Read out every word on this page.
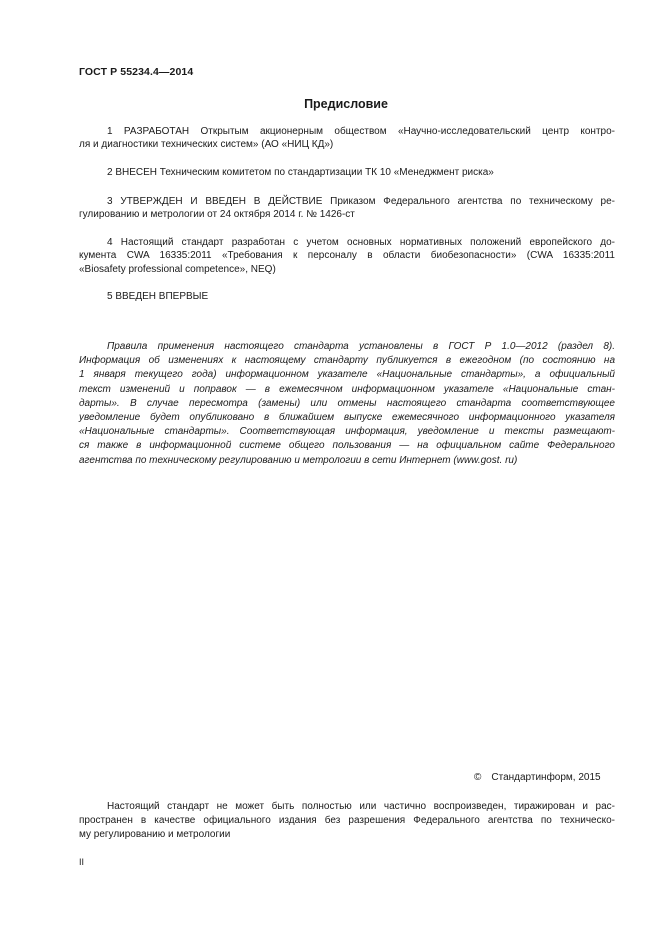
ГОСТ Р 55234.4—2014
Предисловие
1 РАЗРАБОТАН Открытым акционерным обществом «Научно-исследовательский центр контро-
ля и диагностики технических систем» (АО «НИЦ КД»)
2 ВНЕСЕН Техническим комитетом по стандартизации ТК 10 «Менеджмент риска»
3 УТВЕРЖДЕН И ВВЕДЕН В ДЕЙСТВИЕ Приказом Федерального агентства по техническому ре-
гулированию и метрологии от 24 октября 2014 г. № 1426-ст
4 Настоящий стандарт разработан с учетом основных нормативных положений европейского до-
кумента CWA 16335:2011 «Требования к персоналу в области биобезопасности» (CWA 16335:2011
«Biosafety professional competence», NEQ)
5 ВВЕДЕН ВПЕРВЫЕ
Правила применения настоящего стандарта установлены в ГОСТ Р 1.0—2012 (раздел 8).
Информация об изменениях к настоящему стандарту публикуется в ежегодном (по состоянию на
1 января текущего года) информационном указателе «Национальные стандарты», а официальный
текст изменений и поправок — в ежемесячном информационном указателе «Национальные стан-
дарты». В случае пересмотра (замены) или отмены настоящего стандарта соответствующее
уведомление будет опубликовано в ближайшем выпуске ежемесячного информационного указателя
«Национальные стандарты». Соответствующая информация, уведомление и тексты размещают-
ся также в информационной системе общего пользования — на официальном сайте Федерального
агентства по техническому регулированию и метрологии в сети Интернет (www.gost. ru)
© Стандартинформ, 2015
Настоящий стандарт не может быть полностью или частично воспроизведен, тиражирован и рас-
пространен в качестве официального издания без разрешения Федерального агентства по техническо-
му регулированию и метрологии
II
